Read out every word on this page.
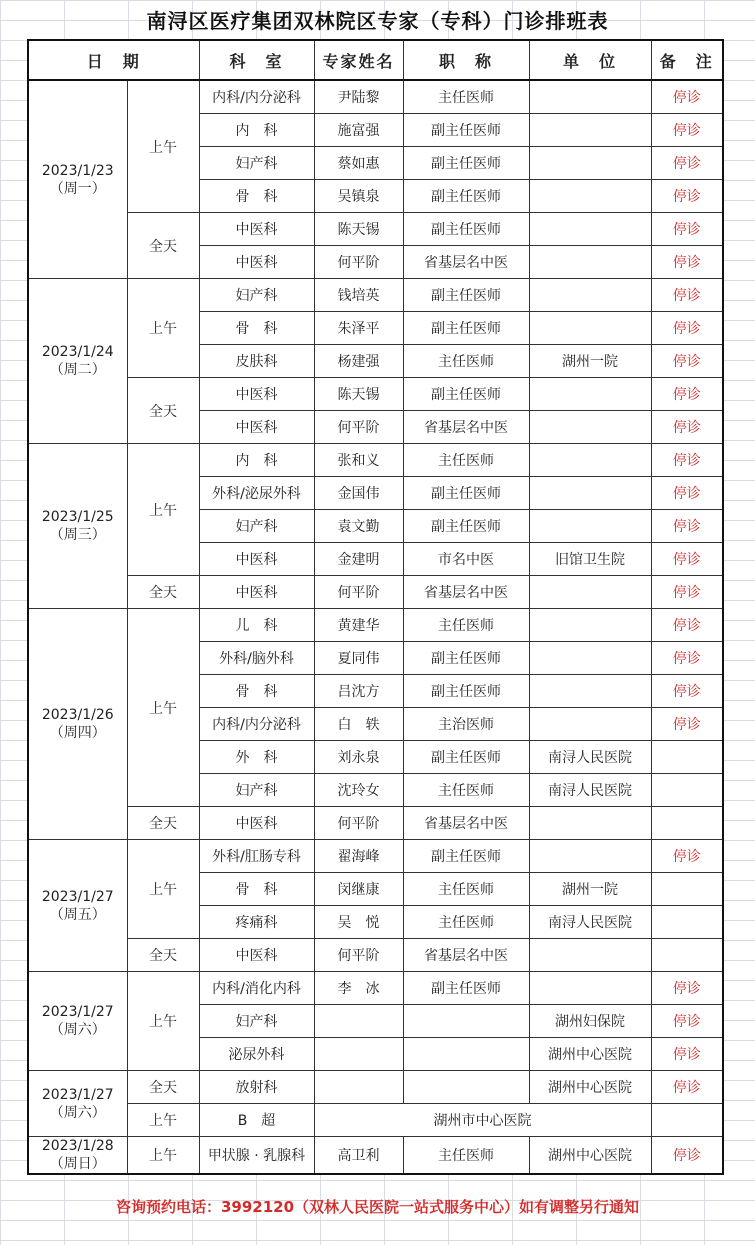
南浔区医疗集团双林院区专家（专科）门诊排班表
日　期		科　室	专家姓名	职　称	单　位	备　注

2023/1/23
（周一）	上午	内科/内分泌科	尹陆黎	主任医师		停诊
		内　科	施富强	副主任医师		停诊
		妇产科	蔡如惠	副主任医师		停诊
		骨　科	吴镇泉	副主任医师		停诊
	全天	中医科	陈天锡	副主任医师		停诊
		中医科	何平阶	省基层名中医		停诊

2023/1/24
（周二）	上午	妇产科	钱培英	副主任医师		停诊
		骨　科	朱泽平	副主任医师		停诊
		皮肤科	杨建强	主任医师	湖州一院	停诊
	全天	中医科	陈天锡	副主任医师		停诊
		中医科	何平阶	省基层名中医		停诊

2023/1/25
（周三）	上午	内　科	张和义	主任医师		停诊
		外科/泌尿外科	金国伟	副主任医师		停诊
		妇产科	袁文勤	副主任医师		停诊
		中医科	金建明	市名中医	旧馆卫生院	停诊
	全天	中医科	何平阶	省基层名中医		停诊

2023/1/26
（周四）	上午	儿　科	黄建华	主任医师		停诊
		外科/脑外科	夏同伟	副主任医师		停诊
		骨　科	吕沈方	副主任医师		停诊
		内科/内分泌科	白　轶	主治医师		停诊
		外　科	刘永泉	副主任医师	南浔人民医院	
		妇产科	沈玲女	主任医师	南浔人民医院	
	全天	中医科	何平阶	省基层名中医		

2023/1/27
（周五）	上午	外科/肛肠专科	翟海峰	副主任医师		停诊
		骨　科	闵继康	主任医师	湖州一院	
		疼痛科	吴　悦	主任医师	南浔人民医院	
	全天	中医科	何平阶	省基层名中医		

2023/1/27
（周六）	上午	内科/消化内科	李　冰	副主任医师		停诊
		妇产科			湖州妇保院	停诊
		泌尿外科			湖州中心医院	停诊

2023/1/27
（周六）	全天	放射科			湖州中心医院	停诊
	上午	B　超	湖州市中心医院			

2023/1/28
（周日）	上午	甲状腺 · 乳腺科	高卫利	主任医师	湖州中心医院	停诊
咨询预约电话：3992120（双林人民医院一站式服务中心）如有调整另行通知
